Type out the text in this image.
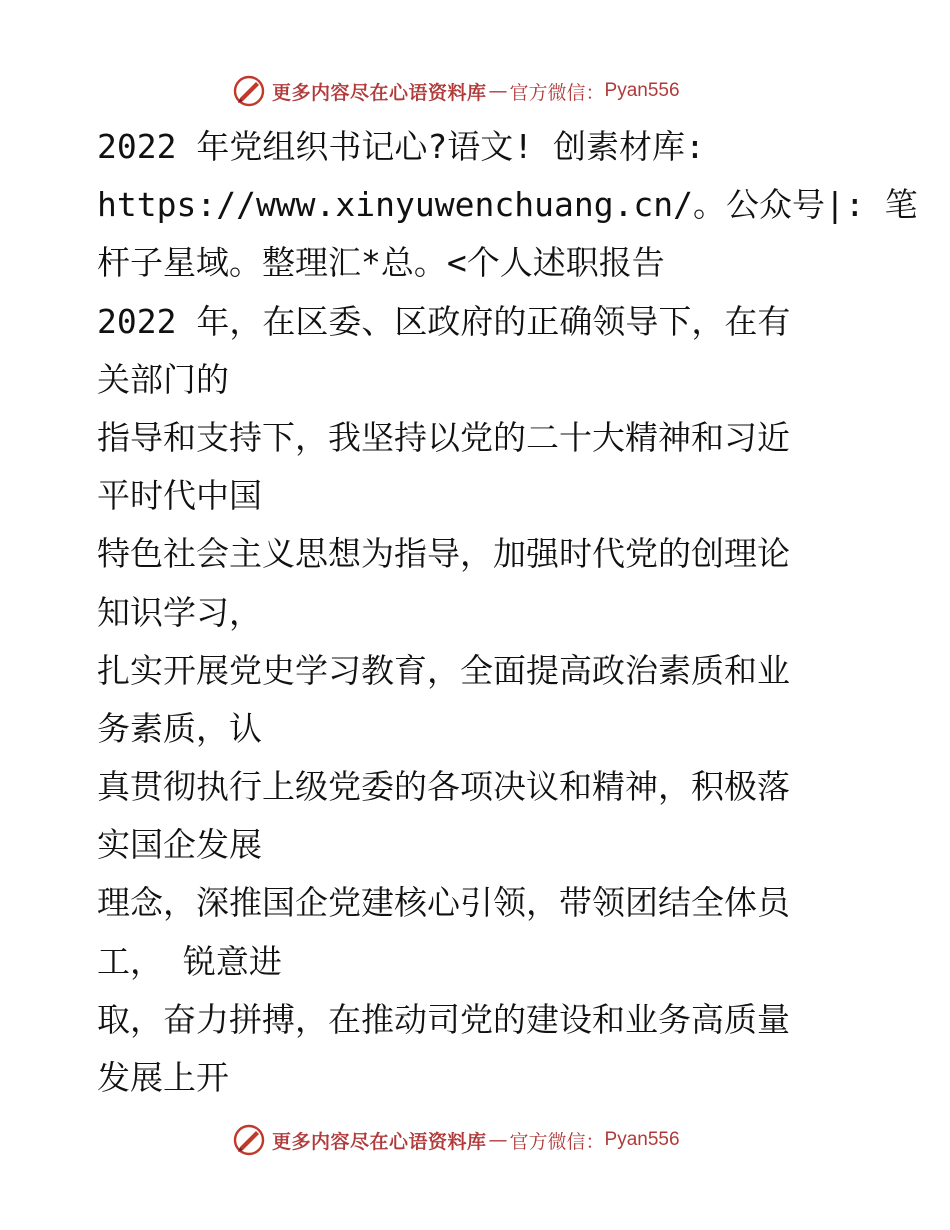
更多内容尽在心语资料库 — 官方微信： Pyan556
2022 年党组织书记心?语文! 创素材库:
https://www.xinyuwenchuang.cn/。公众号|: 笔
杆子星域。整理汇*总。<个人述职报告
2022 年，在区委、区政府的正确领导下，在有
关部门的
指导和支持下，我坚持以党的二十大精神和习近
平时代中国
特色社会主义思想为指导，加强时代党的创理论
知识学习，
扎实开展党史学习教育，全面提高政治素质和业
务素质，认
真贯彻执行上级党委的各项决议和精神，积极落
实国企发展
理念，深推国企党建核心引领，带领团结全体员
工， 锐意进
取，奋力拼搏，在推动司党的建设和业务高质量
发展上开
更多内容尽在心语资料库 — 官方微信： Pyan556
